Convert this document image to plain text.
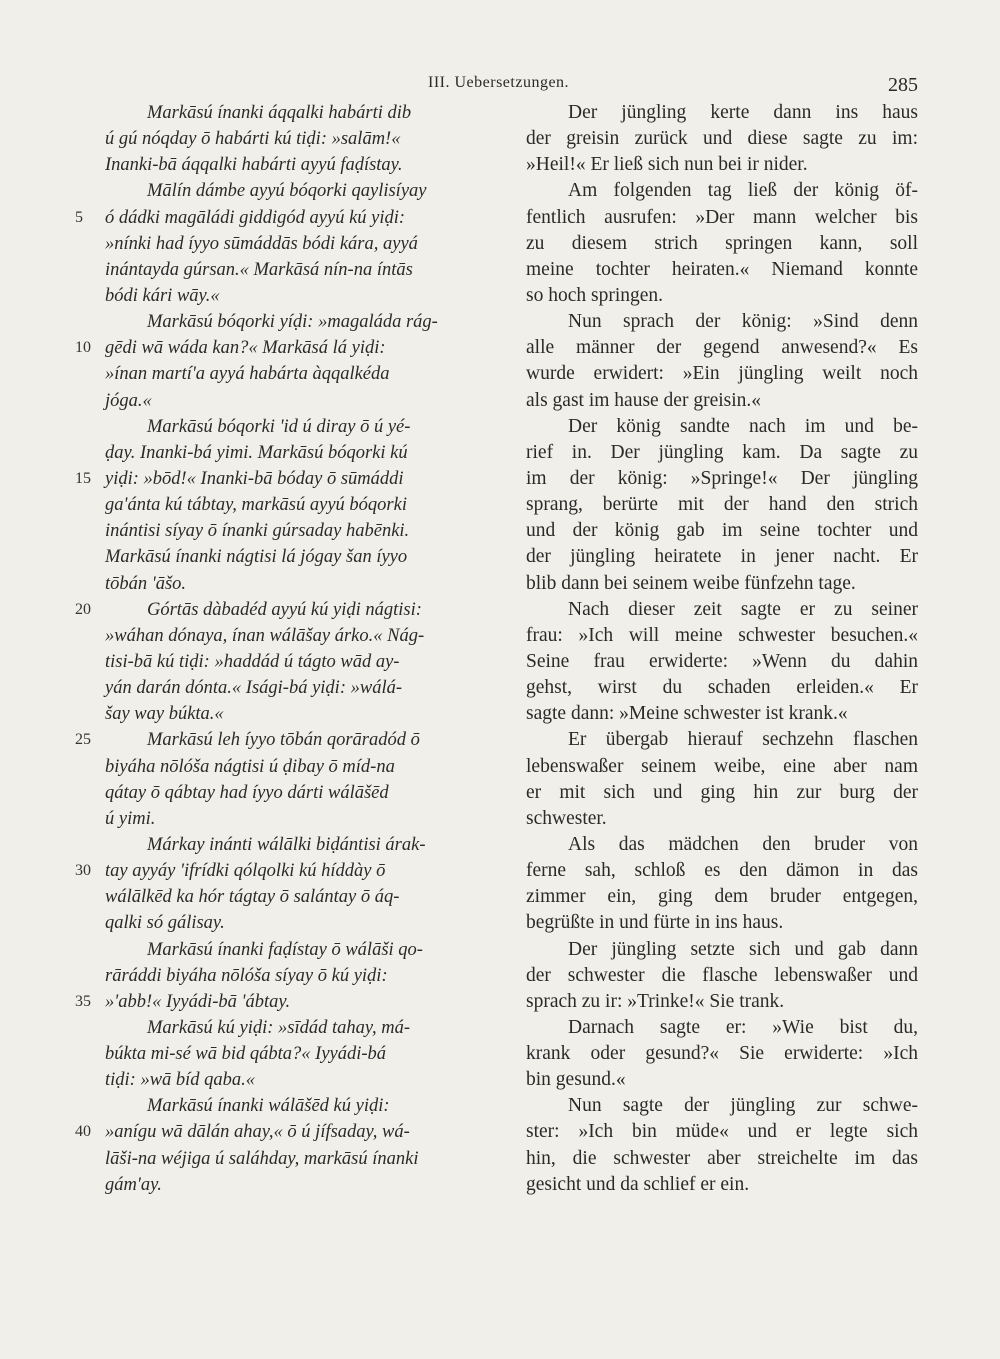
III. Uebersetzungen.	285
Markāsú ínanki áqqalki habárti dib
ú gú nóqday ō habárti kú tiḍi: »salām!«
Inanki-bā áqqalki habárti ayyú faḍístay.
Mālín dámbe ayyú bóqorki qaylisíyay
5 ó dádki magāládi giddigód ayyú kú yiḍi:
»nínki had íyyo sūmáddās bódi kára, ayyá
inántayda gúrsan.« Markāsá nín-na íntās
bódi kári wāy.«
Markāsú bóqorki yíḍi: »magaláda rág-
10 gēdi wā wáda kan?« Markāsá lá yiḍi:
»ínan martí'a ayyá habárta àqqalkéda
jóga.«
Markāsú bóqorki 'id ú diray ō ú yé-
ḍay. Inanki-bá yimi. Markāsú bóqorki kú
15 yiḍi: »bōd!« Inanki-bā bóday ō sūmáddi
ga'ánta kú tábtay, markāsú ayyú bóqorki
inántisi síyay ō ínanki gúrsaday habēnki.
Markāsú ínanki nágtisi lá jógay šan íyyo
tōbán 'āšo.
20	Górtās dàbadéd ayyú kú yiḍi nágtisi:
»wáhan dónaya, ínan wálāšay árko.« Nág-
tisi-bā kú tiḍi: »haddád ú tágto wād ay-
yán darán dónta.« Isági-bá yiḍi: »wálá-
šay way búkta.«
25	Markāsú leh íyyo tōbán qorāradód ō
biyáha nōlóša nágtisi ú ḍibay ō míd-na
qátay ō qábtay had íyyo dárti wálāšēd
ú yimi.
Márkay inánti wálālki biḍántisi árak-
30 tay ayyáy 'ifrídki qólqolki kú híddày ō
wálālkēd ka hór tágtay ō salántay ō áq-
qalki só gálisay.
Markāsú ínanki faḍístay ō wálāši qo-
rāráddi biyáha nōlóša síyay ō kú yiḍi:
35 »'abb!« Iyyádi-bā 'ábtay.
Markāsú kú yiḍi: »sīdád tahay, má-
búkta mi-sé wā bid qábta?« Iyyádi-bá
tiḍi: »wā bíd qaba.«
Markāsú ínanki wálāšēd kú yiḍi:
40 »anígu wā dālán ahay,« ō ú jífsaday, wá-
lāši-na wéjiga ú saláhday, markāsú ínanki
gám'ay.
Der jüngling kerte dann ins haus
der greisin zurück und diese sagte zu im:
»Heil!« Er ließ sich nun bei ir nider.
Am folgenden tag ließ der könig öf-
fentlich ausrufen: »Der mann welcher bis
zu diesem strich springen kann, soll
meine tochter heiraten.« Niemand konnte
so hoch springen.
Nun sprach der könig: »Sind denn
alle männer der gegend anwesend?« Es
wurde erwidert: »Ein jüngling weilt noch
als gast im hause der greisin.«
Der könig sandte nach im und be-
rief in. Der jüngling kam. Da sagte zu
im der könig: »Springe!« Der jüngling
sprang, berürte mit der hand den strich
und der könig gab im seine tochter und
der jüngling heiratete in jener nacht. Er
blib dann bei seinem weibe fünfzehn tage.
Nach dieser zeit sagte er zu seiner
frau: »Ich will meine schwester besuchen.«
Seine frau erwiderte: »Wenn du dahin
gehst, wirst du schaden erleiden.« Er
sagte dann: »Meine schwester ist krank.«
Er übergab hierauf sechzehn flaschen
lebenswaßer seinem weibe, eine aber nam
er mit sich und ging hin zur burg der
schwester.
Als das mädchen den bruder von
ferne sah, schloß es den dämon in das
zimmer ein, ging dem bruder entgegen,
begrüßte in und fürte in ins haus.
Der jüngling setzte sich und gab dann
der schwester die flasche lebenswaßer und
sprach zu ir: »Trinke!« Sie trank.
Darnach sagte er: »Wie bist du,
krank oder gesund?« Sie erwiderte: »Ich
bin gesund.«
Nun sagte der jüngling zur schwe-
ster: »Ich bin müde« und er legte sich
hin, die schwester aber streichelte im das
gesicht und da schlief er ein.
